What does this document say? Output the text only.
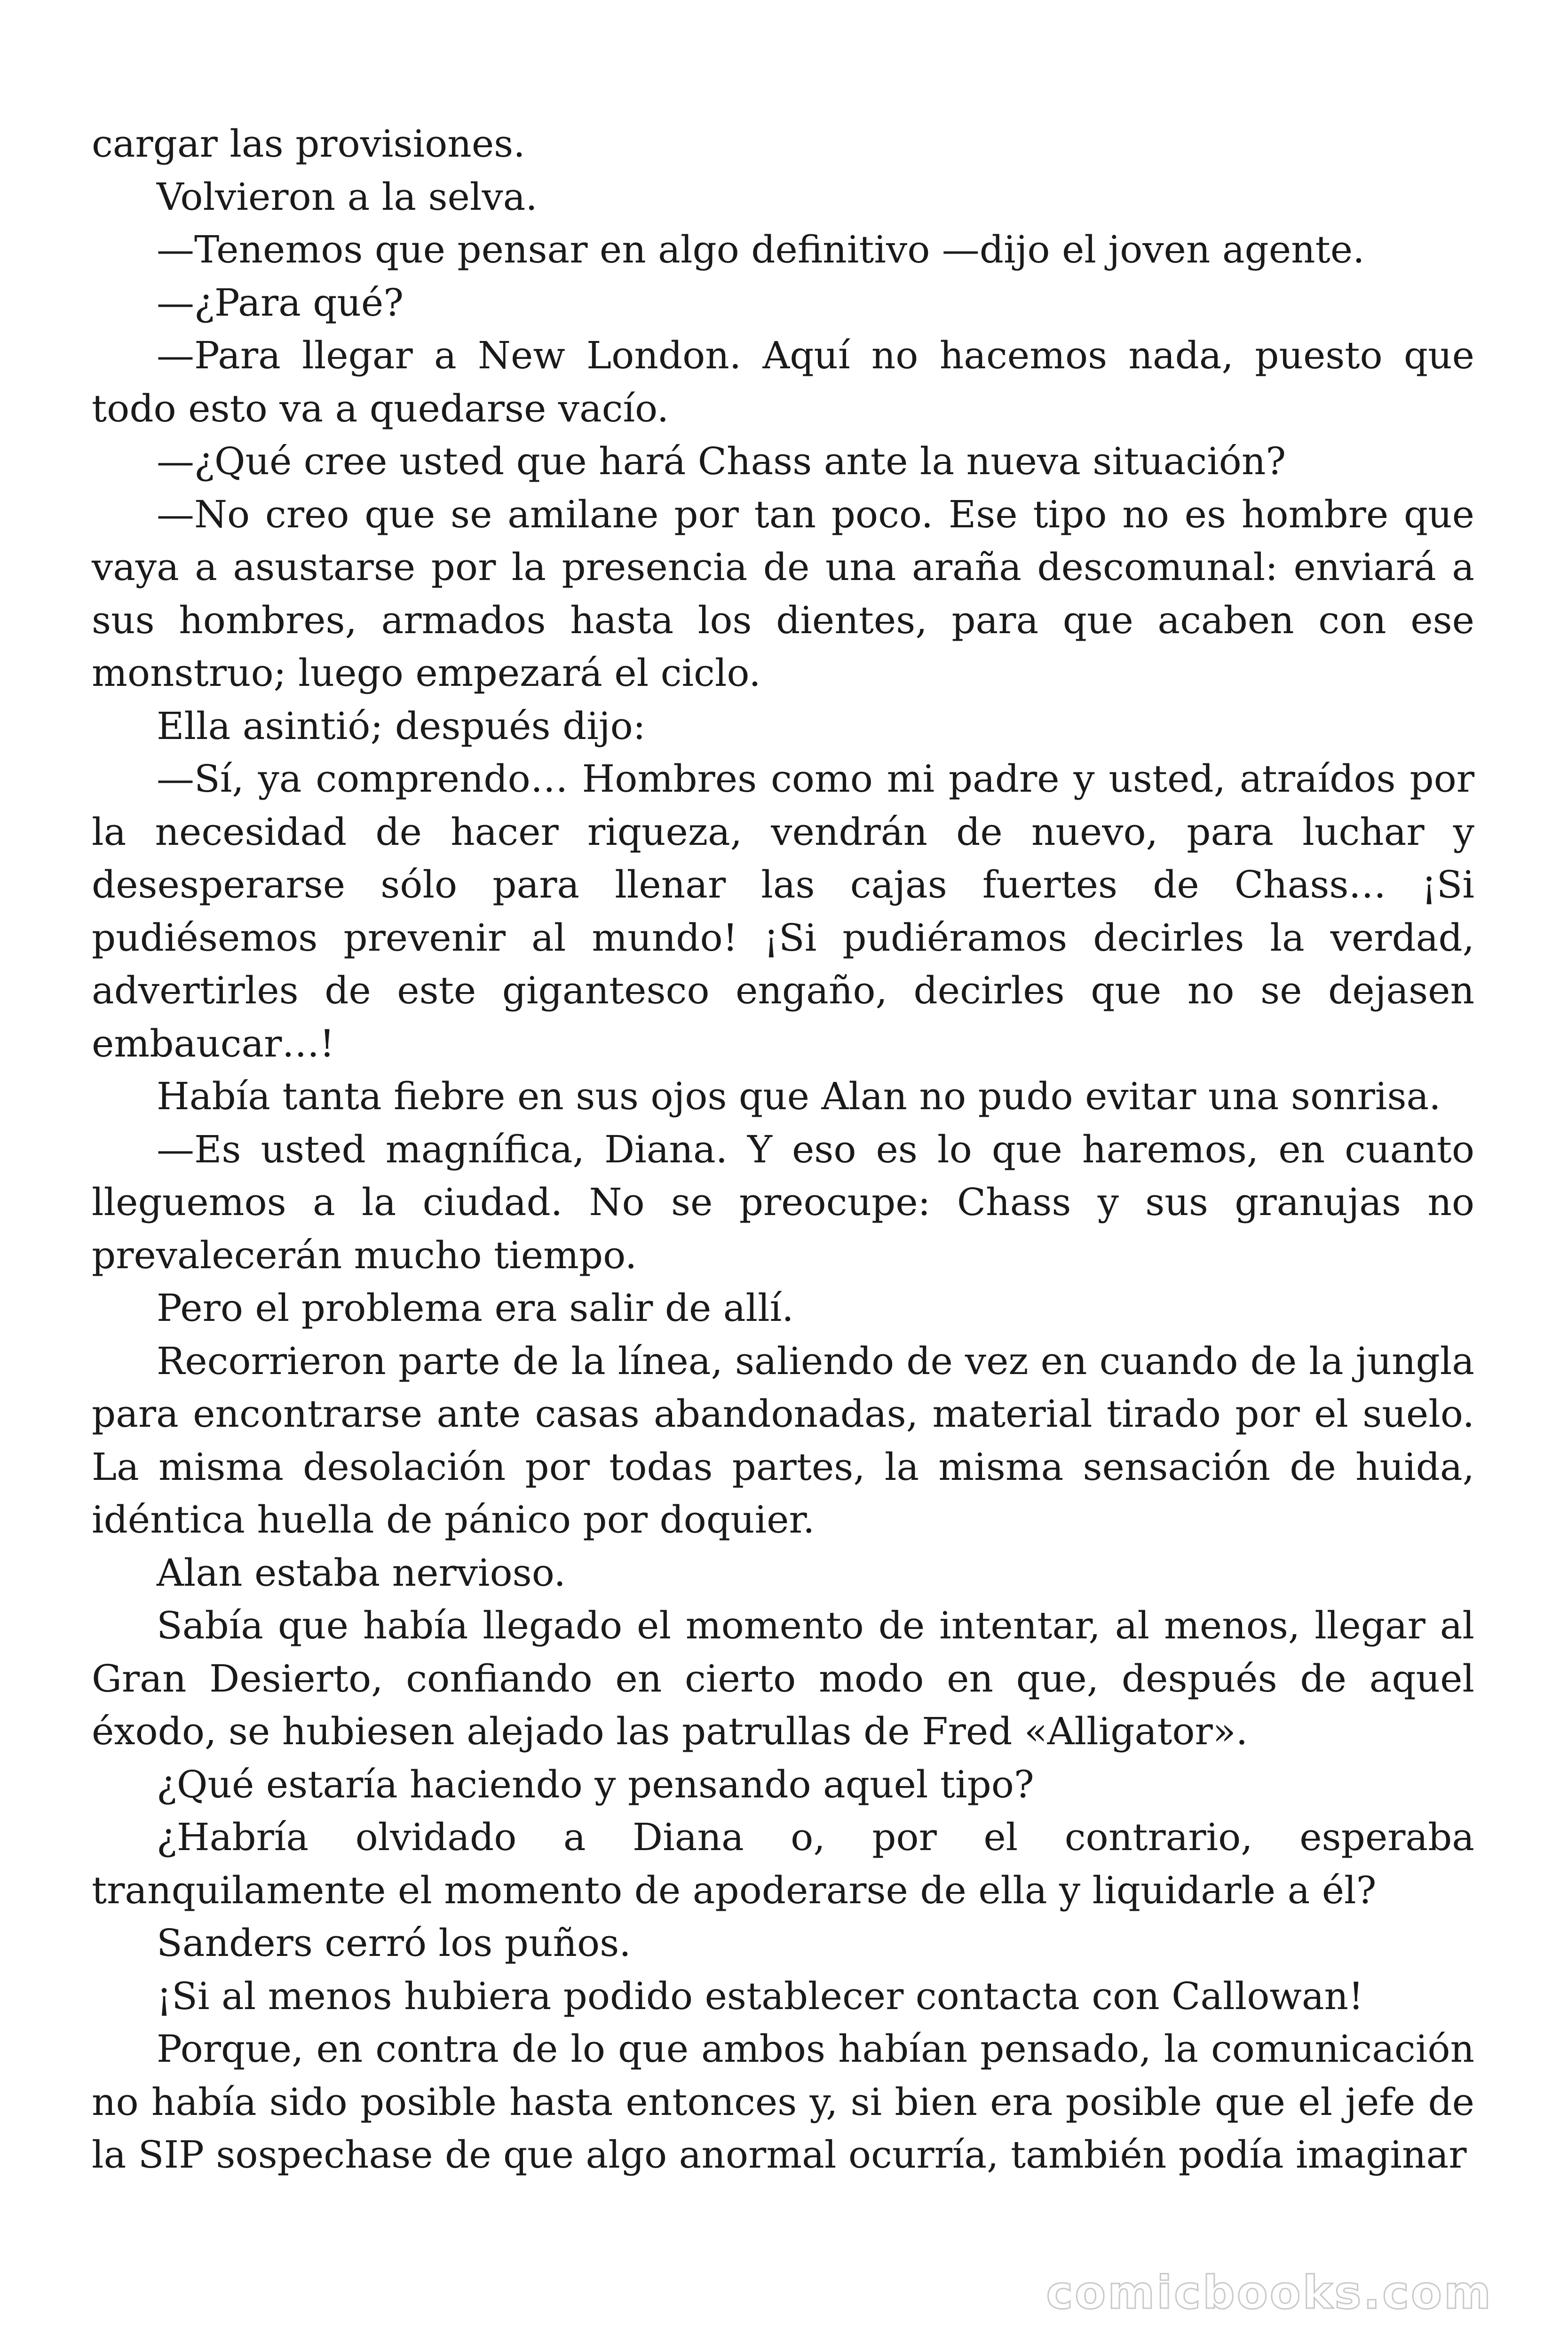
cargar las provisiones.

Volvieron a la selva.

—Tenemos que pensar en algo definitivo —dijo el joven agente.

—¿Para qué?

—Para llegar a New London. Aquí no hacemos nada, puesto que todo esto va a quedarse vacío.

—¿Qué cree usted que hará Chass ante la nueva situación?

—No creo que se amilane por tan poco. Ese tipo no es hombre que vaya a asustarse por la presencia de una araña descomunal: enviará a sus hombres, armados hasta los dientes, para que acaben con ese monstruo; luego empezará el ciclo.

Ella asintió; después dijo:

—Sí, ya comprendo… Hombres como mi padre y usted, atraídos por la necesidad de hacer riqueza, vendrán de nuevo, para luchar y desesperarse sólo para llenar las cajas fuertes de Chass… ¡Si pudiésemos prevenir al mundo! ¡Si pudiéramos decirles la verdad, advertirles de este gigantesco engaño, decirles que no se dejasen embaucar…!

Había tanta fiebre en sus ojos que Alan no pudo evitar una sonrisa.

—Es usted magnífica, Diana. Y eso es lo que haremos, en cuanto lleguemos a la ciudad. No se preocupe: Chass y sus granujas no prevalecerán mucho tiempo.

Pero el problema era salir de allí.

Recorrieron parte de la línea, saliendo de vez en cuando de la jungla para encontrarse ante casas abandonadas, material tirado por el suelo. La misma desolación por todas partes, la misma sensación de huida, idéntica huella de pánico por doquier.

Alan estaba nervioso.

Sabía que había llegado el momento de intentar, al menos, llegar al Gran Desierto, confiando en cierto modo en que, después de aquel éxodo, se hubiesen alejado las patrullas de Fred «Alligator».

¿Qué estaría haciendo y pensando aquel tipo?

¿Habría olvidado a Diana o, por el contrario, esperaba tranquilamente el momento de apoderarse de ella y liquidarle a él?

Sanders cerró los puños.

¡Si al menos hubiera podido establecer contacta con Callowan!

Porque, en contra de lo que ambos habían pensado, la comunicación no había sido posible hasta entonces y, si bien era posible que el jefe de la SIP sospechase de que algo anormal ocurría, también podía imaginar

comicbooks.com
